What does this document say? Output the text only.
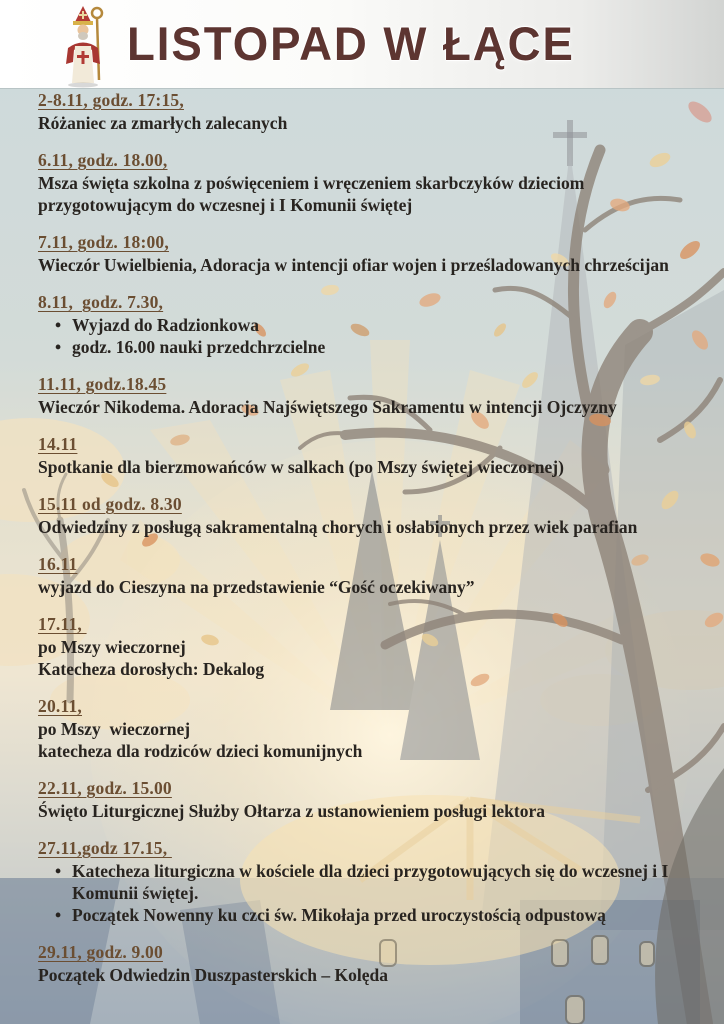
LISTOPAD W ŁĄCE
2-8.11, godz. 17:15,
Różaniec za zmarłych zalecanych
6.11, godz. 18.00,
Msza święta szkolna z poświęceniem i wręczeniem skarbczyków dzieciom przygotowującym do wczesnej i I Komunii świętej
7.11, godz. 18:00,
Wieczór Uwielbienia, Adoracja w intencji ofiar wojen i prześladowanych chrześcijan
8.11,  godz. 7.30,
• Wyjazd do Radzionkowa
• godz. 16.00 nauki przedchrzcielne
11.11, godz.18.45
Wieczór Nikodema. Adoracja Najświętszego Sakramentu w intencji Ojczyzny
14.11
Spotkanie dla bierzmowańców w salkach (po Mszy świętej wieczornej)
15.11 od godz. 8.30
Odwiedziny z posługą sakramentalną chorych i osłabionych przez wiek parafian
16.11
wyjazd do Cieszyna na przedstawienie “Gość oczekiwany”
17.11,
po Mszy wieczornej
Katecheza dorosłych: Dekalog
20.11,
po Mszy  wieczornej
katecheza dla rodziców dzieci komunijnych
22.11, godz. 15.00
Święto Liturgicznej Służby Ołtarza z ustanowieniem posługi lektora
27.11,godz 17.15,
• Katecheza liturgiczna w kościele dla dzieci przygotowujących się do wczesnej i I Komunii świętej.
• Początek Nowenny ku czci św. Mikołaja przed uroczystością odpustową
29.11, godz. 9.00
Początek Odwiedzin Duszpasterskich – Kolęda
